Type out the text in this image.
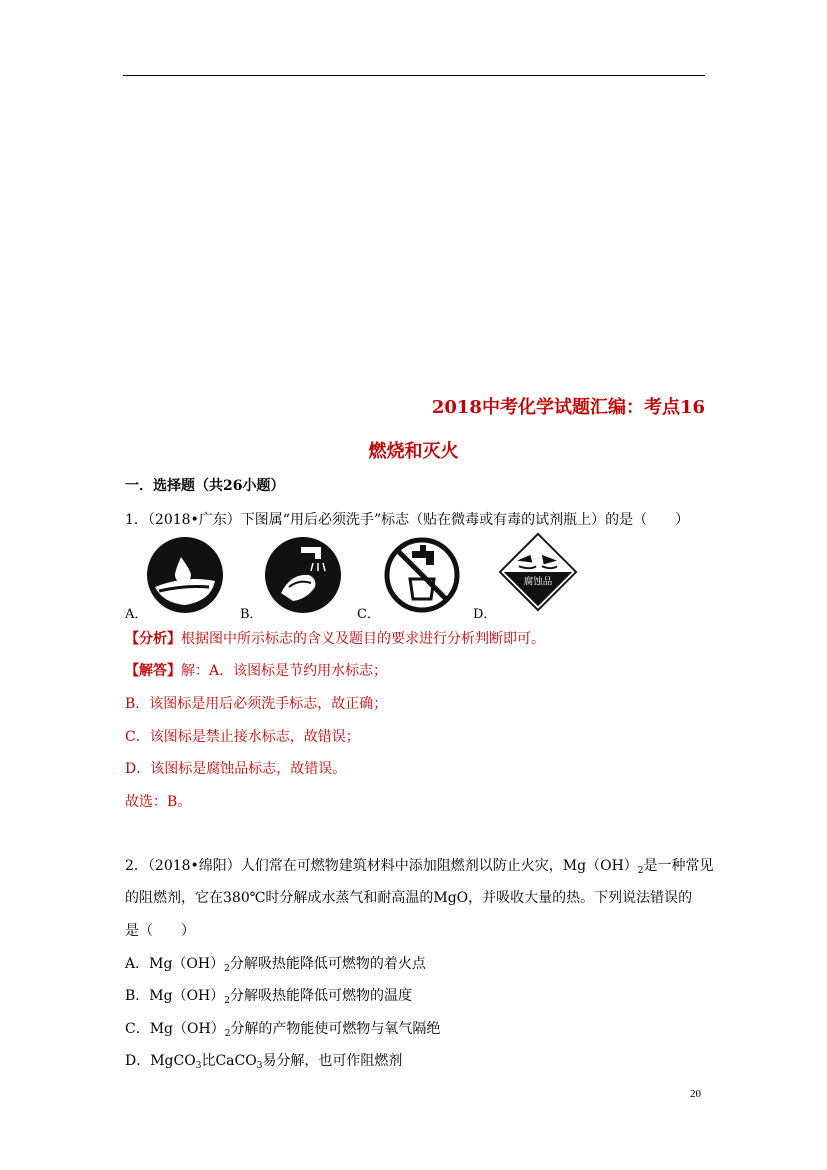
2018中考化学试题汇编：考点16
燃烧和灭火
一．选择题（共26小题）
1．（2018•广东）下图属“用后必须洗手”标志（贴在微毒或有毒的试剂瓶上）的是（　　）
A．	B．	C．
腐蚀品
D．
【分析】根据图中所示标志的含义及题目的要求进行分析判断即可。
【解答】解：A．该图标是节约用水标志；
B．该图标是用后必须洗手标志，故正确；
C．该图标是禁止接水标志，故错误；
D．该图标是腐蚀品标志，故错误。
故选：B。
2．（2018•绵阳）人们常在可燃物建筑材料中添加阻燃剂以防止火灾，$Mg(OH)_2$是一种常见
的阻燃剂，它在380℃时分解成水蒸气和耐高温的MgO，并吸收大量的热。下列说法错误的
是（　　）
A．$Mg(OH)_2$分解吸热能降低可燃物的着火点
B．$Mg(OH)_2$分解吸热能降低可燃物的温度
C．$Mg(OH)_2$分解的产物能使可燃物与氧气隔绝
D．MgCO$_3$比CaCO$_3$易分解，也可作阻燃剂
20
